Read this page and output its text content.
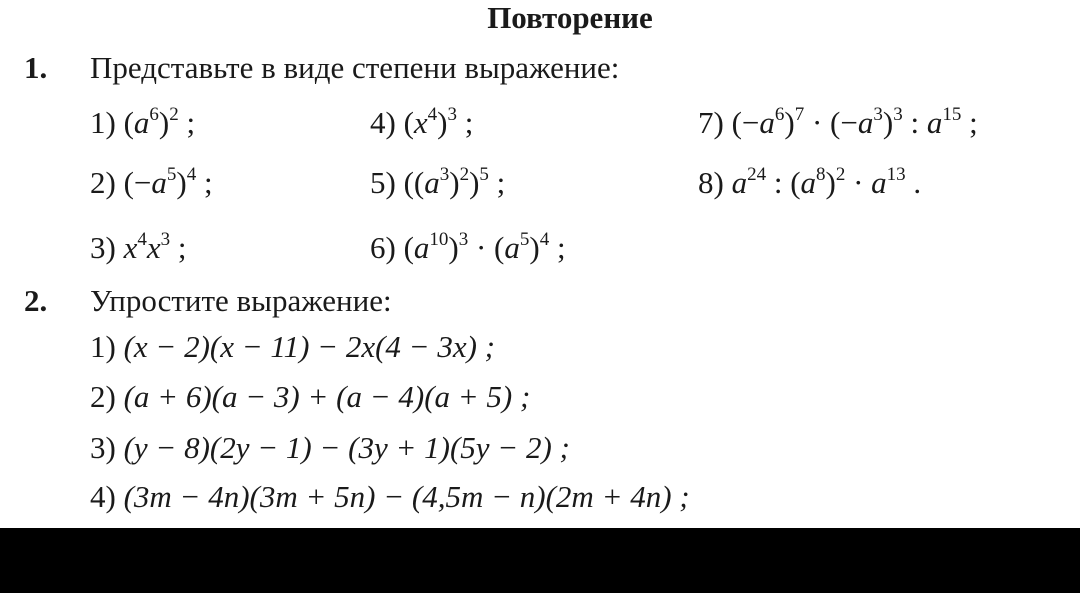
Повторение
1. Представьте в виде степени выражение:
1) $(a^6)^2$ ;
2) $(-a^5)^4$ ;
3) $x^4x^3$ ;
4) $(x^4)^3$ ;
5) $((a^3)^2)^5$ ;
6) $(a^{10})^3 \cdot (a^5)^4$ ;
7) $(-a^6)^7 \cdot (-a^3)^3$ : $a^{15}$ ;
8) $a^{24}$ : $(a^8)^2 \cdot a^{13}$ .
2. Упростите выражение:
1) (x − 2)(x − 11) − 2x(4 − 3x) ;
2) (a + 6)(a − 3) + (a − 4)(a + 5) ;
3) (y − 8)(2y − 1) − (3y + 1)(5y − 2) ;
4) (3m − 4n)(3m + 5n) − (4,5m − n)(2m + 4n) ;
